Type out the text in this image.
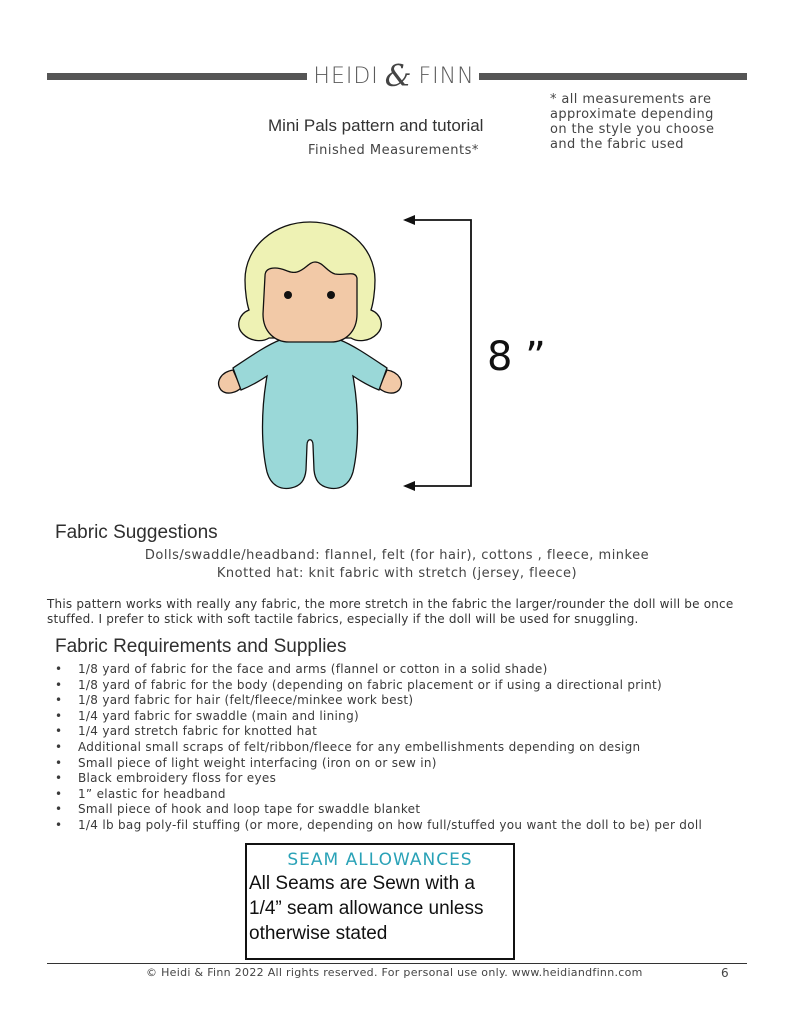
HEIDI & FINN
Mini Pals pattern and tutorial
Finished Measurements*
* all measurements are
approximate depending
on the style you choose
and the fabric used
8 ”
Fabric Suggestions
Dolls/swaddle/headband: flannel, felt (for hair), cottons , fleece, minkee
Knotted hat: knit fabric with stretch (jersey, fleece)
This pattern works with really any fabric, the more stretch in the fabric the larger/rounder the doll will be once stuffed. I prefer to stick with soft tactile fabrics, especially if the doll will be used for snuggling.
Fabric Requirements and Supplies
•	1/8 yard of fabric for the face and arms (flannel or cotton in a solid shade)
•	1/8 yard of fabric for the body (depending on fabric placement or if using a directional print)
•	1/8 yard fabric for hair (felt/fleece/minkee work best)
•	1/4 yard fabric for swaddle (main and lining)
•	1/4 yard stretch fabric for knotted hat
•	Additional small scraps of felt/ribbon/fleece for any embellishments depending on design
•	Small piece of light weight interfacing (iron on or sew in)
•	Black embroidery floss for eyes
•	1” elastic for headband
•	Small piece of hook and loop tape for swaddle blanket
•	1/4 lb bag poly-fil stuffing (or more, depending on how full/stuffed you want the doll to be) per doll
SEAM ALLOWANCES
All Seams are Sewn with a 1/4” seam allowance unless otherwise stated
© Heidi & Finn 2022 All rights reserved. For personal use only. www.heidiandfinn.com	6
